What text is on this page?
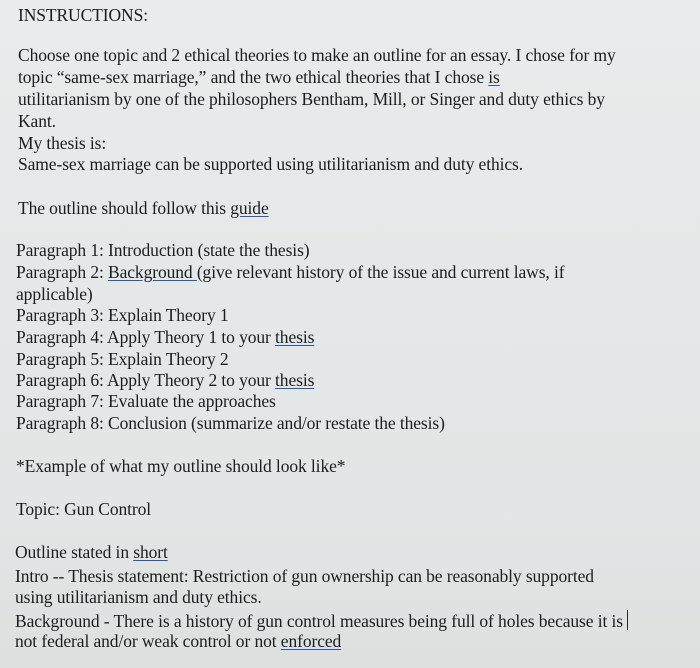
INSTRUCTIONS:
Choose one topic and 2 ethical theories to make an outline for an essay. I chose for my
topic “same-sex marriage,” and the two ethical theories that I chose is
utilitarianism by one of the philosophers Bentham, Mill, or Singer and duty ethics by
Kant.
My thesis is:
Same-sex marriage can be supported using utilitarianism and duty ethics.
The outline should follow this guide
Paragraph 1: Introduction (state the thesis)
Paragraph 2: Background (give relevant history of the issue and current laws, if
applicable)
Paragraph 3: Explain Theory 1
Paragraph 4: Apply Theory 1 to your thesis
Paragraph 5: Explain Theory 2
Paragraph 6: Apply Theory 2 to your thesis
Paragraph 7: Evaluate the approaches
Paragraph 8: Conclusion (summarize and/or restate the thesis)
*Example of what my outline should look like*
Topic: Gun Control
Outline stated in short
Intro -- Thesis statement: Restriction of gun ownership can be reasonably supported
using utilitarianism and duty ethics.
Background - There is a history of gun control measures being full of holes because it is
not federal and/or weak control or not enforced
